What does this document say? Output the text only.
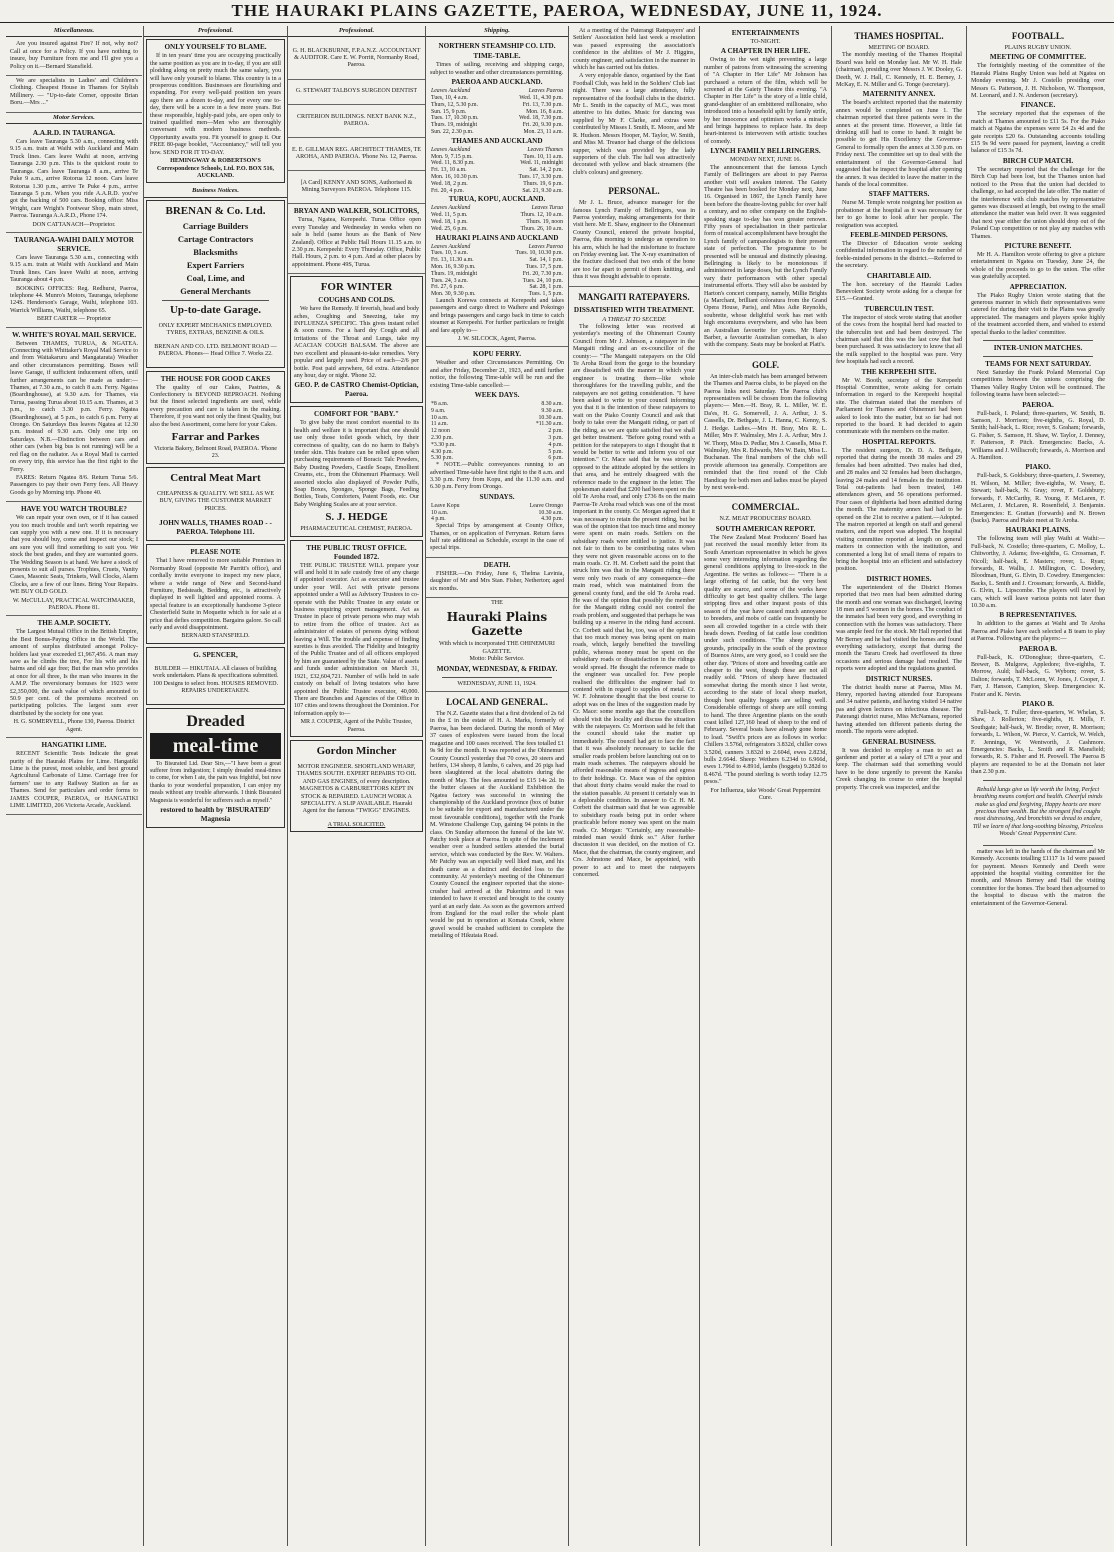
THE HAURAKI PLAINS GAZETTE, PAEROA, WEDNESDAY, JUNE 11, 1924.
Miscellaneous.

Are you insured against Fire? If not, why not? Call at once for a Policy. If you have nothing to insure, buy Furniture from me and I'll give you a Policy on it.—Bernard Stansfield.

We are specialists in Ladies' and Children's Clothing. Cheapest House in Thames for Stylish Millinery. — "Up-to-date Corner, opposite Brian Boru.—Mrs ..."

Motor Services.
A.A.R.D. IN TAURANGA.

Cars leave Tauranga 5.30 a.m., connecting with 9.15 a.m. train at Waihi with Auckland and Main Truck lines. Cars leave Waihi at noon, arriving Tauranga 2.30 p.m. This is the quickest route to Tauranga. Cars leave Tauranga 8 a.m., arrive Te Puke 9 a.m., arrive Rotorua 12 noon. Cars leave Rotorua 1.30 p.m., arrive Te Puke 4 p.m., arrive Tauranga 5 p.m. When you ride A.A.R.D. you've got the backing of 500 cars. Booking office: Miss Wright, care Wright's Footwear Shop, main street, Paeroa. Tauranga A.A.R.D., Phone 174.

DON CATTANACH—Proprietor.
TAURANGA-WAIHI DAILY MOTOR SERVICE.

Cars leave Tauranga 5.30 a.m., connecting with 9.15 a.m. train at Waihi with Auckland and Main Trunk lines. Cars leave Waihi at noon, arriving Tauranga about 4 p.m.

BOOKING OFFICES: Reg. Redhurst, Paeroa, telephone 44. Munro's Motors, Tauranga, telephone 124S. Henderson's Garage, Waihi, telephone 103. Warrick Williams, Waihi, telephone 65.

BERT CARTER — Proprietor
W. WHITE'S ROYAL MAIL SERVICE.

Between THAMES, TURUA, & NGATEA. (Connecting with Whittaker's Royal Mail Service to and from Waitakaruru and Mangatarata) Weather and other circumstances permitting. Buses will leave Garage, if sufficient inducement offers, until further arrangements can be made as under:— Thames, at 7.30 a.m., to catch 8 a.m. Ferry. Ngatea (Boardinghouse), at 9.30 a.m. for Thames, via Turua, passing Turua about 10.15 a.m. Thames, at 3 p.m., to catch 3.30 p.m. Ferry. Ngatea (Boardinghouse), at 5 p.m., to catch 6 p.m. Ferry at Orongo. On Saturdays Bus leaves Ngatea at 12.30 p.m. instead of 9.30 a.m. Only one trip on Saturdays. N.B.—Distinction between cars and other cars (when big bus is not running) will be a red flag on the radiator. As a Royal Mail is carried on every trip, this service has the first right to the Ferry.

FARES: Return Ngatea 8/6. Return Turua 5/6. Passengers to pay their own Ferry fees. All Heavy Goods go by Morning trip. Phone 40.

HAVE YOU WATCH TROUBLE?

We can repair your own own, or if it has caused you too much trouble and isn't worth repairing we can supply you with a new one. If it is necessary that you should buy, come and inspect our stock; I am sure you will find something to suit you. We stock the best grades, and they are warranted goers. The Wedding Season is at hand. We have a stock of presents to suit all purses. Trophies, Cruets, Vanity Cases, Masonic Seats, Trinkets, Wall Clocks, Alarm Clocks, are a few of our lines. Bring Your Repairs. WE BUY OLD GOLD.

W. McCULLAY, PRACTICAL WATCHMAKER, PAEROA. Phone 81.
THE A.M.P. SOCIETY.

The Largest Mutual Office in the British Empire, the Best Bonus-Paying Office in the World. The amount of surplus distributed amongst Policy-holders last year exceeded £1,967,456. A man may save as he climbs the tree, For his wife and his bairns and old age free; But the man who provides at once for all three, Is the man who insures in the A.M.P. The reversionary bonuses for 1923 were £2,350,000, the cash value of which amounted to 50.9 per cent. of the premiums received on participating policies. The largest sum ever distributed by the society for one year.

H. G. SOMERVELL, Phone 130, Paeroa. District Agent.
HANGATIKI LIME.

RECENT Scientific Tests Indicate the great purity of the Hauraki Plains for Lime. Hangatiki Lime is the purest, most soluble, and best ground Agricultural Carbonate of Lime. Carriage free for farmers' use to any Railway Station as far as Thames. Send for particulars and order forms to JAMES COUPER, PAEROA, or HANGATIKI LIME LIMITED, 206 Victoria Arcade, Auckland.

Professional.
ONLY YOURSELF TO BLAME.

If in ten years' time you are occupying practically the same position as you are in to-day, if you are still plodding along on pretty much the same salary, you will have only yourself to blame. This country is in a prosperous condition. Businesses are flourishing and expanding. For every well-paid position ten years ago there are a dozen to-day, and for every one to-day, there will be a score in a few more years. But these responsible, highly-paid jobs, are open only to trained qualified men—Men who are thoroughly conversant with modern business methods. Opportunity awaits you. Fit yourself to grasp it. Our FREE 80-page booklet, "Accountancy," will tell you how. SEND FOR IT TO-DAY.

HEMINGWAY & ROBERTSON'S Correspondence Schools, Ltd. P.O. BOX 516, AUCKLAND.
Business Notices.
BRENAN & Co. Ltd.
Carriage Builders
Cartage Contractors
Blacksmiths
Expert Farriers
Coal, Lime, and
General Merchants
Up-to-date Garage.

ONLY EXPERT MECHANICS EMPLOYED. TYRES, EXTRAS, BENZINE & OILS.

BRENAN AND CO. LTD. BELMONT ROAD — PAEROA. Phones— Head Office 7. Works 22.

THE HOUSE FOR GOOD CAKES

The quality of our Cakes, Pastries, & Confectionery is BEYOND REPROACH. Nothing but the finest selected ingredients are used, while every precaution and care is taken in the making. Therefore, if you want not only the finest Quality, but also the best Assortment, come here for your Cakes.

Farrar and Parkes
Victoria Bakery, Belmont Road, PAEROA. 'Phone 23.
Central Meat Mart

CHEAPNESS & QUALITY. WE SELL AS WE BUY, GIVING THE CUSTOMER MARKET PRICES.

JOHN WALLS, THAMES ROAD - - PAEROA. Telephone 111.
PLEASE NOTE

That I have removed to more suitable Premises in Normanby Road (opposite Mr Parritt's office), and cordially invite everyone to inspect my new place, where a wide range of New and Second-hand Furniture, Bedsteads, Bedding, etc., is attractively displayed in well lighted and appointed rooms. A special feature is an exceptionally handsome 3-piece Chesterfield Suite in Moquette which is for sale at a price that defies competition. Bargains galore. So call early and avoid disappointment.

BERNARD STANSFIELD.
G. SPENCER,

BUILDER — HIKUTAIA. All classes of building work undertaken. Plans & specifications submitted. 100 Designs to select from. HOUSES REMOVED. REPAIRS UNDERTAKEN.

Dreaded
meal-time

To Bisurated Ltd. Dear Sirs,—"I have been a great sufferer from indigestion; I simply dreaded meal-times to come, for when I ate, the pain was frightful, but now thanks to your wonderful preparation, I can enjoy my meals without any trouble afterwards. I think Bisurated Magnesia is wonderful for sufferers such as myself."

restored to health by 'BISURATED' Magnesia
Professional.

G. H. BLACKBURNE, F.P.A.N.Z. ACCOUNTANT & AUDITOR. Care E. W. Porritt, Normanby Road, Paeroa.

G. STEWART TALBOYS SURGEON DENTIST

CRITERION BUILDINGS. NEXT BANK N.Z., PAEROA.

E. E. GILLMAN REG. ARCHITECT THAMES, TE AROHA, AND PAEROA. 'Phone No. 12, Paeroa.

[A Card] KENNY AND SONS, Authorised & Mining Surveyors PAEROA. Telephone 115.

BRYAN AND WALKER, SOLICITORS,

Turua, Ngatea, Kerepeehi. Turua Office open every Tuesday and Wednesday in weeks when no sale is held (same hours as the Bank of New Zealand). Office at Public Hall Hours 11.15 a.m. to 2.30 p.m. Kerepeehi: Every Thursday. Office, Public Hall. Hours, 2 p.m. to 4 p.m. And at other places by appointment. Phone 49S, Turua.

FOR WINTER
COUGHS AND COLDS.

We have the Remedy. If feverish, head and body aches, Coughing and Sneezing, take my INFLUENZA SPECIFIC. This gives instant relief & soon cures. For a hard dry Cough and all irritations of the Throat and Lungs, take my ACACIAN COUGH BALSAM. The above are two excellent and pleasant-to-take remedies. Very popular and largely used. Price of each—2/6 per bottle. Post paid anywhere, 6d extra. Attendance any hour, day or night. 'Phone 32.

GEO. P. de CASTRO Chemist-Optician, Paeroa.
COMFORT FOR "BABY."

To give baby the most comfort essential to its health and welfare it is important that one should use only those toilet goods which, by their correctness of quality, can do no harm to Baby's tender skin. This feature can be relied upon when purchasing requirements of Boracic Talc Powders, Baby Dusting Powders, Castile Soaps, Emollient Creams, etc., from the Ohinemuri Pharmacy. Well assorted stocks also displayed of Powder Puffs, Soap Boxes, Sponges, Sponge Bags, Feeding Bottles, Teats, Comforters, Patent Foods, etc. Our Baby Weighing Scales are at your service.

S. J. HEDGE
PHARMACEUTICAL CHEMIST, PAEROA.
THE PUBLIC TRUST OFFICE. Founded 1872.

THE PUBLIC TRUSTEE WILL prepare your will and hold it in safe custody free of any charge if appointed executor. Act as executor and trustee under your Will. Act with private persons appointed under a Will as Advisory Trustees to co-operate with the Public Trustee in any estate or business requiring expert management. Act as Trustee in place of private persons who may wish to retire from the office of trustee. Act as administrator of estates of persons dying without leaving a Will. The trouble and expense of finding sureties is thus avoided. The Fidelity and Integrity of the Public Trustee and of all officers employed by him are guaranteed by the State. Value of assets and funds under administration on March 31, 1921, £32,604,721. Number of wills held in safe custody on behalf of living testators who have appointed the Public Trustee executor, 40,000. There are Branches and Agencies of the Office in 107 cities and towns throughout the Dominion. For information apply to—

MR J. COUPER, Agent of the Public Trustee, Paeroa.
Gordon Mincher

MOTOR ENGINEER. SHORTLAND WHARF, THAMES SOUTH. EXPERT REPAIRS TO OIL AND GAS ENGINES, of every description. MAGNETOS & CARBURETTORS KEPT IN STOCK & REPAIRED. LAUNCH WORK A SPECIALITY. A SLIP AVAILABLE. Hauraki Agent for the famous "TWIGG" ENGINES.

A TRIAL SOLICITED.
Shipping.
NORTHERN STEAMSHIP CO. LTD.
TIME-TABLE.

Times of sailing, receiving and shipping cargo, subject to weather and other circumstances permitting.

PAEROA AND AUCKLAND.
Leaves Auckland	Leaves Paeroa
Tues, 10, 4 a.m.	Wed. 11, 4.30 p.m.
Thurs, 12, 5.30 p.m.	Fri. 13, 7.30 p.m.
Sun. 15, 9 p.m.	Mon. 16, 8 a.m.
Tues. 17, 10.30 p.m.	Wed. 18, 7.30 p.m.
Thurs. 19, midnight	Fri. 20, 9.30 p.m.
Sun. 22, 2.30 p.m.	Mon. 23, 11 a.m.
THAMES AND AUCKLAND
Leaves Auckland	Leaves Thames
Mon. 9, 7.15 p.m.	Tues. 10, 11 a.m.
Wed. 11, 8.30 p.m.	Wed. 11, midnight
Fri. 13, 10 a.m.	Sat. 14, 2 p.m.
Mon. 16, 10.30 p.m.	Tues. 17, 3.30 p.m.
Wed. 18, 2 p.m.	Thurs. 19, 6 p.m.
Fri. 20, 4 p.m.	Sat. 21, 9.30 a.m.
TURUA, KOPU, AUCKLAND.
Leaves Auckland	Leaves Turua
Wed. 11, 5 p.m.	Thurs. 12, 10 a.m.
Wed. 18, 1 p.m.	Thurs. 19, noon
Wed. 25, 6 p.m.	Thurs. 26, 10 a.m.
HAURAKI PLAINS AND AUCKLAND
Leaves Auckland	Leaves Paeroa
Tues. 10, 3 a.m.	Tues. 10, 10.30 p.m.
Fri. 13, 11.30 a.m.	Sat. 14, 1 p.m.
Mon. 16, 9.30 p.m.	Tues. 17, 5 p.m.
Thurs. 19, midnight	Fri. 20, 7.30 p.m.
Tues. 24, 3 a.m.	Tues. 24, 10 p.m.
Fri. 27, 6 p.m.	Sat. 28, 1 p.m.
Mon. 30, 9.30 p.m.	Tues. 1, 5 p.m.

Launch Korewa connects at Kerepeehi and takes passengers and cargo direct to Waihere and Pokoingo and brings passengers and cargo back in time to catch steamer at Kerepeehi. For further particulars re freight and fare apply to—

J. W. SILCOCK, Agent, Paeroa.
KOPU FERRY.

Weather and other Circumstances Permitting. On and after Friday, December 21, 1923, and until further notice, the following Time-table will be run and the existing Time-table cancelled:—

WEEK DAYS.
*8 a.m.	8.30 a.m.
9 a.m.	9.30 a.m.
10 a.m.	10.30 a.m.
11 a.m.	*11.30 a.m.
12 noon	2 p.m.
2.30 p.m.	3 p.m.
*3.30 p.m.	4 p.m.
4.30 p.m.	5 p.m.
5.30 p.m.	6 p.m.

* NOTE.—Public conveyances running to an advertised Time-table have first right to the 8 a.m. and 3.30 p.m. Ferry from Kopu, and the 11.30 a.m. and 6.30 p.m. Ferry from Orongo.

SUNDAYS.
Leave Kopu	Leave Orongo
10 a.m.	10.30 a.m.
4 p.m.	4.30 p.m.

Special Trips by arrangement at County Office, Thames, or on application of Ferryman. Return fares half rate additional as Schedule, except in the case of special trips.

DEATH.

FISHER.—On Friday, June 6, Thelma Lavinia, daughter of Mr and Mrs Stan. Fisher, Netherton; aged six months.

THE
Hauraki Plains Gazette
With which is incorporated THE OHINEMURI GAZETTE.
Motto: Public Service.
MONDAY, WEDNESDAY, & FRIDAY.
WEDNESDAY, JUNE 11, 1924.
LOCAL AND GENERAL.

The N.Z. Gazette states that a first dividend of 2s 6d in the £ in the estate of H. A. Marks, formerly of Paeroa, has been declared. During the month of May 37 cases of explosives were issued from the local magazine and 100 cases received. The fees totalled £1 9s 9d for the month. It was reported at the Ohinemuri County Council yesterday that 70 cows, 20 steers and heifers, 134 sheep, 8 lambs, 6 calves, and 26 pigs had been slaughtered at the local abattoirs during the month of May. The fees amounted to £15 14s 2d. In the butter classes at the Auckland Exhibition the Ngatea factory was successful in winning the championship of the Auckland province (box of butter to be suitable for export and manufactured under the most favourable conditions), together with the Frank M. Winstone Challenge Cup, gaining 94 points in the class. On Sunday afternoon the funeral of the late W. Patchy took place at Paeroa. In spite of the inclement weather over a hundred settlers attended the burial service, which was conducted by the Rev. W. Walters. Mr Patchy was an especially well liked man, and his death came as a distinct and decided loss to the community. At yesterday's meeting of the Ohinemuri County Council the engineer reported that the stone-crusher had arrived at the Pukerimu and it was intended to have it erected and brought to the county yard at an early date. As soon as the governors arrived from England for the road roller the whole plant would be put in operation at Komata Creek, where gravel would be crushed sufficient to complete the metalling of Hikutaia Road.

At a meeting of the Paterangi Ratepayers' and Settlers' Association held last week a resolution was passed expressing the association's confidence in the abilities of Mr J. Higgins, county engineer, and satisfaction in the manner in which he has carried out his duties.

A very enjoyable dance, organised by the East Football Club, was held in the Soldiers' Club last night. There was a large attendance, fully representative of the football clubs in the district. Mr L. Smith in the capacity of M.C., was most attentive to his duties. Music for dancing was supplied by Mr F. Clarke, and extras were contributed by Misses I. Smith, E. Moore, and Mr R. Hudson. Messrs Hooper, M. Taylor, W. Smith, and Miss M. Treanor had charge of the delicious supper, which was provided by the lady supporters of the club. The hall was attractively decorated with yellow and black streamers (the club's colours) and greenery.

PERSONAL.

Mr J. L. Bruce, advance manager for the famous Lynch Family of Bellringers, was in Paeroa yesterday, making arrangements for their visit here. Mr E. Shaw, engineer to the Ohinemuri County Council, entered the private hospital, Paeroa, this morning to undergo an operation to his arm, which he had the misfortune to fracture on Friday evening last. The X-ray examination of the fracture disclosed that two ends of the bone are too far apart to permit of them knitting, and thus it was thought advisable to operate.

MANGAITI RATEPAYERS.
DISSATISFIED WITH TREATMENT.
A THREAT TO SECEDE

The following letter was received at yesterday's meeting of the Ohinemuri County Council from Mr J. Johnson, a ratepayer in the Mangaiti riding and an ex-councillor of the county:— "The Mangaiti ratepayers on the Old Te Aroha Road from the gorge to the boundary are dissatisfied with the manner in which your engineer is treating them—like whole thoroughfares for the travelling public, and the ratepayers are not getting consideration. "I have been asked to write to your council informing you that it is the intention of these ratepayers to wait on the Piako County Council and ask that body to take over the Mangaiti riding, or part of the riding, as we are quite satisfied that we shall get better treatment. "Before going round with a petition for the ratepayers to sign I thought that it would be better to write and inform you of our intention." Cr. Mace said that he was strongly opposed to the attitude adopted by the settlers in that area, and he entirely disagreed with the reference made to the engineer in the letter. The spokesman stated that £200 had been spent on the old Te Aroha road, and only £736 8s on the main Paeroa-Te Aroha road which was one of the most important in the county. Cr. Morgan agreed that it was necessary to retain the present riding, but he was of the opinion that too much time and money were spent on main roads. Settlers on the subsidiary roads were entitled to justice. It was not fair to them to be contributing rates when they were not given reasonable access on to the main roads. Cr. H. M. Corbett said the point that struck him was that in the Mangaiti riding there were only two roads of any consequence—the main road, which was maintained from the general county fund, and the old Te Aroha road. He was of the opinion that possibly the member for the Mangaiti riding could not control the roads problem, and suggested that perhaps he was building up a reserve in the riding fund account. Cr. Corbett said that he, too, was of the opinion that too much money was being spent on main roads, which, largely benefited the travelling public, whereas money must be spent on the subsidiary roads or dissatisfaction in the ridings would spread. He thought the reference made to the engineer was uncalled for. Few people realised the difficulties the engineer had to contend with in regard to supplies of metal. Cr. W. F. Johnstone thought that the best course to adopt was on the lines of the suggestion made by Cr. Mace: some months ago that the councillors should visit the locality and discuss the situation with the ratepayers. Cr. Morrison said he felt that the council should take the matter up immediately. The council had got to face the fact that it was absolutely necessary to tackle the smaller roads problem before launching out on to main roads schemes. The ratepayers should be afforded reasonable means of ingress and egress to their holdings. Cr. Mace was of the opinion that about thirty chains would make the road to the station passable. At present it certainly was in a deplorable condition. In answer to Cr. H. M. Corbett the chairman said that he was agreeable to subsidiary roads being put in order where practicable before money was spent on the main roads. Cr. Morgan: "Certainly, any reasonable-minded man would think so." After further discussion it was decided, on the motion of Cr. Mace, that the chairman, the county engineer, and Crs. Johnstone and Mace, be appointed, with power to act and to meet the ratepayers concerned.

ENTERTAINMENTS
TO-NIGHT.
A CHAPTER IN HER LIFE.

Owing to the wet night preventing a large number of patrons from witnessing the screening of "A Chapter in Her Life" Mr Johnson has purchased a return of the film, which will be screened at the Gaiety Theatre this evening. "A Chapter in Her Life" is the story of a little child, grand-daughter of an embittered millionaire, who introduced into a household split by family strife, by her innocence and optimism works a miracle and brings happiness to replace hate. Its deep heart-interest is interwoven with artistic touches of comedy.

LYNCH FAMILY BELLRINGERS.
MONDAY NEXT, JUNE 16.

The announcement that the famous Lynch Family of Bellringers are about to pay Paeroa another visit will awaken interest. The Gaiety Theatre has been booked for Monday next, June 16. Organised in 1867, the Lynch Family have been before the theatre-loving public for over half a century, and no other company on the English-speaking stage to-day has won greater renown. Fifty years of specialisation in their particular form of musical accomplishment have brought the Lynch family of campanologists to their present state of perfection. The programme to be presented will be unusual and distinctly pleasing. Bellringing is likely to be monotonous if administered in large doses, but the Lynch Family vary their performances with other special instrumental efforts. They will also be assisted by Harton's concert company, namely, Millie Brights (a Marchant, brilliant coloratura from the Grand Opera House, Paris), and Miss Adie Reynolds, soubrette, whose delightful work has met with high encomiums everywhere, and who has been an Australian favourite for years. Mr Harry Barber, a favourite Australian comedian, is also with the company. Seats may be booked at Platt's.

GOLF.

An inter-club match has been arranged between the Thames and Paeroa clubs, to be played on the Paeroa links next Saturday. The Paeroa club's representatives will be chosen from the following players:— Men.—H. Bray, R. L. Miller, W. E. Da'es, H. G. Somervell, J. A. Arthur, J. S. Cassells, Dr. Bethgate, J. L. Hanna, C. Kenny, S. J. Hedge. Ladies.—Mrs H. Bray, Mrs R. L. Miller, Mrs F. Walmsley, Mrs J. A. Arthur, Mrs J. W. Thorp, Miss D. Pedlar, Mrs J. Cassells, Miss F. Walmsley, Mrs R. Edwards, Mrs W. Bain, Miss L. Buchanan. The final numbers of the club will provide afternoon tea generally. Competitors are reminded that the first round of the Club Handicap for both men and ladies must be played by next week-end.

COMMERCIAL.
N.Z. MEAT PRODUCERS' BOARD.
SOUTH AMERICAN REPORT.

The New Zealand Meat Producers' Board has just received the usual monthly letter from its South American representative in which he gives some very interesting information regarding the general conditions applying to live-stock in the Argentine. He writes as follows:— "There is a large offering of fat cattle, but the very best quality are scarce, and some of the works have difficulty to get best quality chillers. The large stripping fires and other inquest posts of this season of the year have caused much annoyance to breeders, and mobs of cattle can frequently be seen all crowded together in a circle with their heads down. Feeding of fat cattle lose condition under such conditions. "The sheep grazing grounds, principally in the south of the province of Buenos Aires, are very good, so I could see the other day. "Prices of store and breeding cattle are cheaper to the west, though these are not all readily sold. "Prices of sheep have fluctuated somewhat during the month since I last wrote, according to the state of local sheep market, though best quality hoggets are selling well. Considerable offerings of sheep are still coming to hand. The three Argentine plants on the south coast killed 127,160 head of sheep to the end of February. Several boats have already gone home to load. "Swift's prices are as follows in works: Chillers 3.576d, refrigerators 3.832d, chiller cows 3.520d, canners 3.832d to 2.604d, ewes 2.823d, bulls 2.664d. Sheep: Wethers 6.234d to 6.966d, ewes 1.796d to 4.891d, lambs (hoggets) 9.282d to 8.467d. "The pound sterling is worth today 12.75 pesos."

For Influenza, take Woods' Great Peppermint Cure.
THAMES HOSPITAL.
MEETING OF BOARD.

The monthly meeting of the Thames Hospital Board was held on Monday last. Mr W. H. Hale (chairman), presiding over Messrs J. W. Dooley, G. Deeth, W. J. Hall, C. Kennedy, H. E. Berney, J. McKay, E. N. Miller and G. Tonge (secretary).

MATERNITY ANNEX.

The board's architect reported that the maternity annex would be completed on June 1. The chairman reported that three patients were in the annex at the present time. However, a little fat drinking still had to come to hand. It might be possible to get His Excellency the Governor-General to formally open the annex at 3.30 p.m. on Friday next. The committee set up to deal with the entertainment of the Governor-General had suggested that he inspect the hospital after opening the annex. It was decided to leave the matter in the hands of the local committee.

STAFF MATTERS.

Nurse M. Temple wrote resigning her position as probationer at the hospital as it was necessary for her to go home to look after her people. The resignation was accepted.

FEEBLE-MINDED PERSONS.

The Director of Education wrote seeking confidential information in regard to the number of feeble-minded persons in the district.—Referred to the secretary.

CHARITABLE AID.

The hon. secretary of the Hauraki Ladies Benevolent Society wrote asking for a cheque for £15.—Granted.

TUBERCULIN TEST.

The inspector of stock wrote stating that another of the cows from the hospital herd had reacted to the tuberculin test and had been destroyed. The chairman said that this was the last cow that had been purchased. It was satisfactory to know that all the milk supplied to the hospital was pure. Very few hospitals had such a record.

THE KERPEEHI SITE.

Mr W. Booth, secretary of the Kerepeehi Hospital Committee, wrote asking for certain information in regard to the Kerepeehi hospital site. The chairman stated that the members of Parliament for Thames and Ohinemuri had been asked to look into the matter, but so far had not reported to the board. It had decided to again communicate with the members on the matter.

HOSPITAL REPORTS.

The resident surgeon, Dr. D. A. Bethgate, reported that during the month 38 males and 29 females had been admitted. Two males had died, and 28 males and 32 females had been discharges, leaving 24 males and 14 females in the institution. Total out-patients had been treated, 149 attendances given, and 56 operations performed. Four cases of diphtheria had been admitted during the month. The maternity annex had had to be opened on the 21st to receive a patient.—Adopted. The matron reported at length on staff and general matters, and the report was adopted. The hospital visiting committee reported at length on general matters in connection with the institution, and commented a long list of small items of repairs to bring the hospital into an efficient and satisfactory position.

DISTRICT HOMES.

The superintendent of the District Homes reported that two men had been admitted during the month and one woman was discharged, leaving 18 men and 5 women in the homes. The conduct of the inmates had been very good, and everything in connection with the homes was satisfactory. There was ample feed for the stock. Mr Hall reported that Mr Berney and he had visited the homes and found everything satisfactory, except that during the month the Tararu Creek had overflowed its three occasions and serious damage had resulted. The reports were adopted and the regulations granted.

DISTRICT NURSES.

The district health nurse at Paeroa, Miss M. Henry, reported having attended four Europeans and 34 native patients, and having visited 14 native pas and given lectures on infectious disease. The Paterangi district nurse, Miss McNamara, reported having attended ten different patients during the month. The reports were adopted.

GENERAL BUSINESS.

It was decided to employ a man to act as gardener and porter at a salary of £78 a year and keep. The chairman said that something would have to be done urgently to prevent the Karaka Creek changing its course to enter the hospital property. The creek was inspected, and the

FOOTBALL.
PLAINS RUGBY UNION.
MEETING OF COMMITTEE.

The fortnightly meeting of the committee of the Hauraki Plains Rugby Union was held at Ngatea on Monday evening. Mr J. Costello presiding over Messrs G. Patterson, J. H. Nicholson, W. Thompson, M. Leonard, and J. N. Anderson (secretary).

FINANCE.

The secretary reported that the expenses of the match at Thames amounted to £11 5s. For the Piako match at Ngatea the expenses were £4 2s 4d and the gate receipts £20 6s. Outstanding accounts totalling £15 9s 9d were passed for payment, leaving a credit balance of £15 3s 7d.

BIRCH CUP MATCH.

The secretary reported that the challenge for the Birch Cup had been lost, but the Thames union had noticed to the Press that the union had decided to challenge, so had accepted the late offer. The matter of the interference with club matches by representative games was discussed at length, but owing to the small attendance the matter was held over. It was suggested that next year either the union should drop out of the Poland Cup competition or not play any matches with Thames.

PICTURE BENEFIT.

Mr H. A. Hamilton wrote offering to give a picture entertainment in Ngatea on Tuesday, June 24, the whole of the proceeds to go to the union. The offer was gratefully accepted.

APPRECIATION.

The Piako Rugby Union wrote stating that the generous manner in which their representatives were catered for during their visit to the Plains was greatly appreciated. The managers and players spoke highly of the treatment accorded them, and wished to extend special thanks to the ladies' committee.

INTER-UNION MATCHES.
TEAMS FOR NEXT SATURDAY.

Next Saturday the Frank Poland Memorial Cup competitions between the unions comprising the Thames Valley Rugby Union will be continued. The following teams have been selected:—

PAEROA.

Full-back, I. Poland; three-quarters, W. Smith, B. Samson, J. Morrison; five-eighths, G. Royal, D. Smith; half-back, L. Rice; rover, S. Graham; forwards, G. Fisher, S. Samson, H. Shaw, W. Taylor, J. Denney, F. Patterson, P. Pitch. Emergencies: Backs, A. Williams and J. Williscroft; forwards, A. Morrison and A. Hamilton.

PIAKO.

Full-back, S. Goldsbury; three-quarters, J. Sweeney, H. Wilson, M. Miller; five-eighths, W. Vesey, E. Stewart; half-back, N. Gray; rover, F. Goldsbury; forwards, F. McCarthy, R. Young, F. McLaren, F. McLaren, J. McLaren, R. Rosenfield, J. Benjamin. Emergencies: E. Grattan (forwards) and N. Brown (backs). Paeroa and Piako meet at Te Aroha.

HAURAKI PLAINS.

The following team will play Waihi at Waihi:— Full-back, N. Costello; three-quarters, C. Molloy, L. Chitworthy, J. Adams; five-eighths, G. Crossman, F. Nicoll; half-back, E. Masters; rover, L. Ryan; forwards, R. Wallis, J. Millington, C. Dowdery, Bloodman, Hunt, G. Elvin, D. Cowdrey. Emergencies: Backs, L. Smith and J. Crossman; forwards, A. Biddle, G. Elvin, L. Lipscombe. The players will travel by cars, which will leave various points not later than 10.30 a.m.

B REPRESENTATIVES.

In addition to the games at Waihi and Te Aroha Paeroa and Piako have each selected a B team to play at Paeroa. Following are the players:—

PAEROA B.

Full-back, K. O'Donoghue; three-quarters, C. Brewer, B. Mulgrew, Appledore; five-eighths, T. Morrow, Auld; half-back, G. Wyborn; rover, S. Dalton; forwards, T. McLoren, W. Jones, J. Cooper, J. Farr, J. Hanson, Campion, Sleep. Emergencies: K. Frater and K. Nevin.

PIAKO B.

Full-back, T. Fuller; three-quarters, W. Whelan, S. Shaw, J. Rollerton; five-eighths, H. Mills, F. Southgate; half-back, W. Brodie; rover, R. Morrison; forwards, L. Wilson, W. Pierce, V. Carrick, W. Welch, F. Jennings, W. Wentworth, J. Cashmore. Emergencies: Backs, L. Smith and R. Mansfield; forwards, R. S. Fisher and H. Peowell. The Paeroa B players are requested to be at the Domain not later than 2.30 p.m.

Rebuild lungs give us life worth the living, Perfect breathing means comfort and health. Cheerful minds make us glad and forgiving, Happy hearts are more precious than wealth. But the strongest find coughs most distressing, And bronchitis we dread to endure, Till we learn of that long-soothing blessing, Priceless Woods' Great Peppermint Cure.

matter was left in the hands of the chairman and Mr Kennedy. Accounts totalling £1117 1s 1d were passed for payment. Messrs Kennedy and Deeth were appointed the hospital visiting committee for the month, and Messrs Berney and Hall the visiting committee for the homes. The board then adjourned to the hospital to discuss with the matron the entertainment of the Governor-General.
